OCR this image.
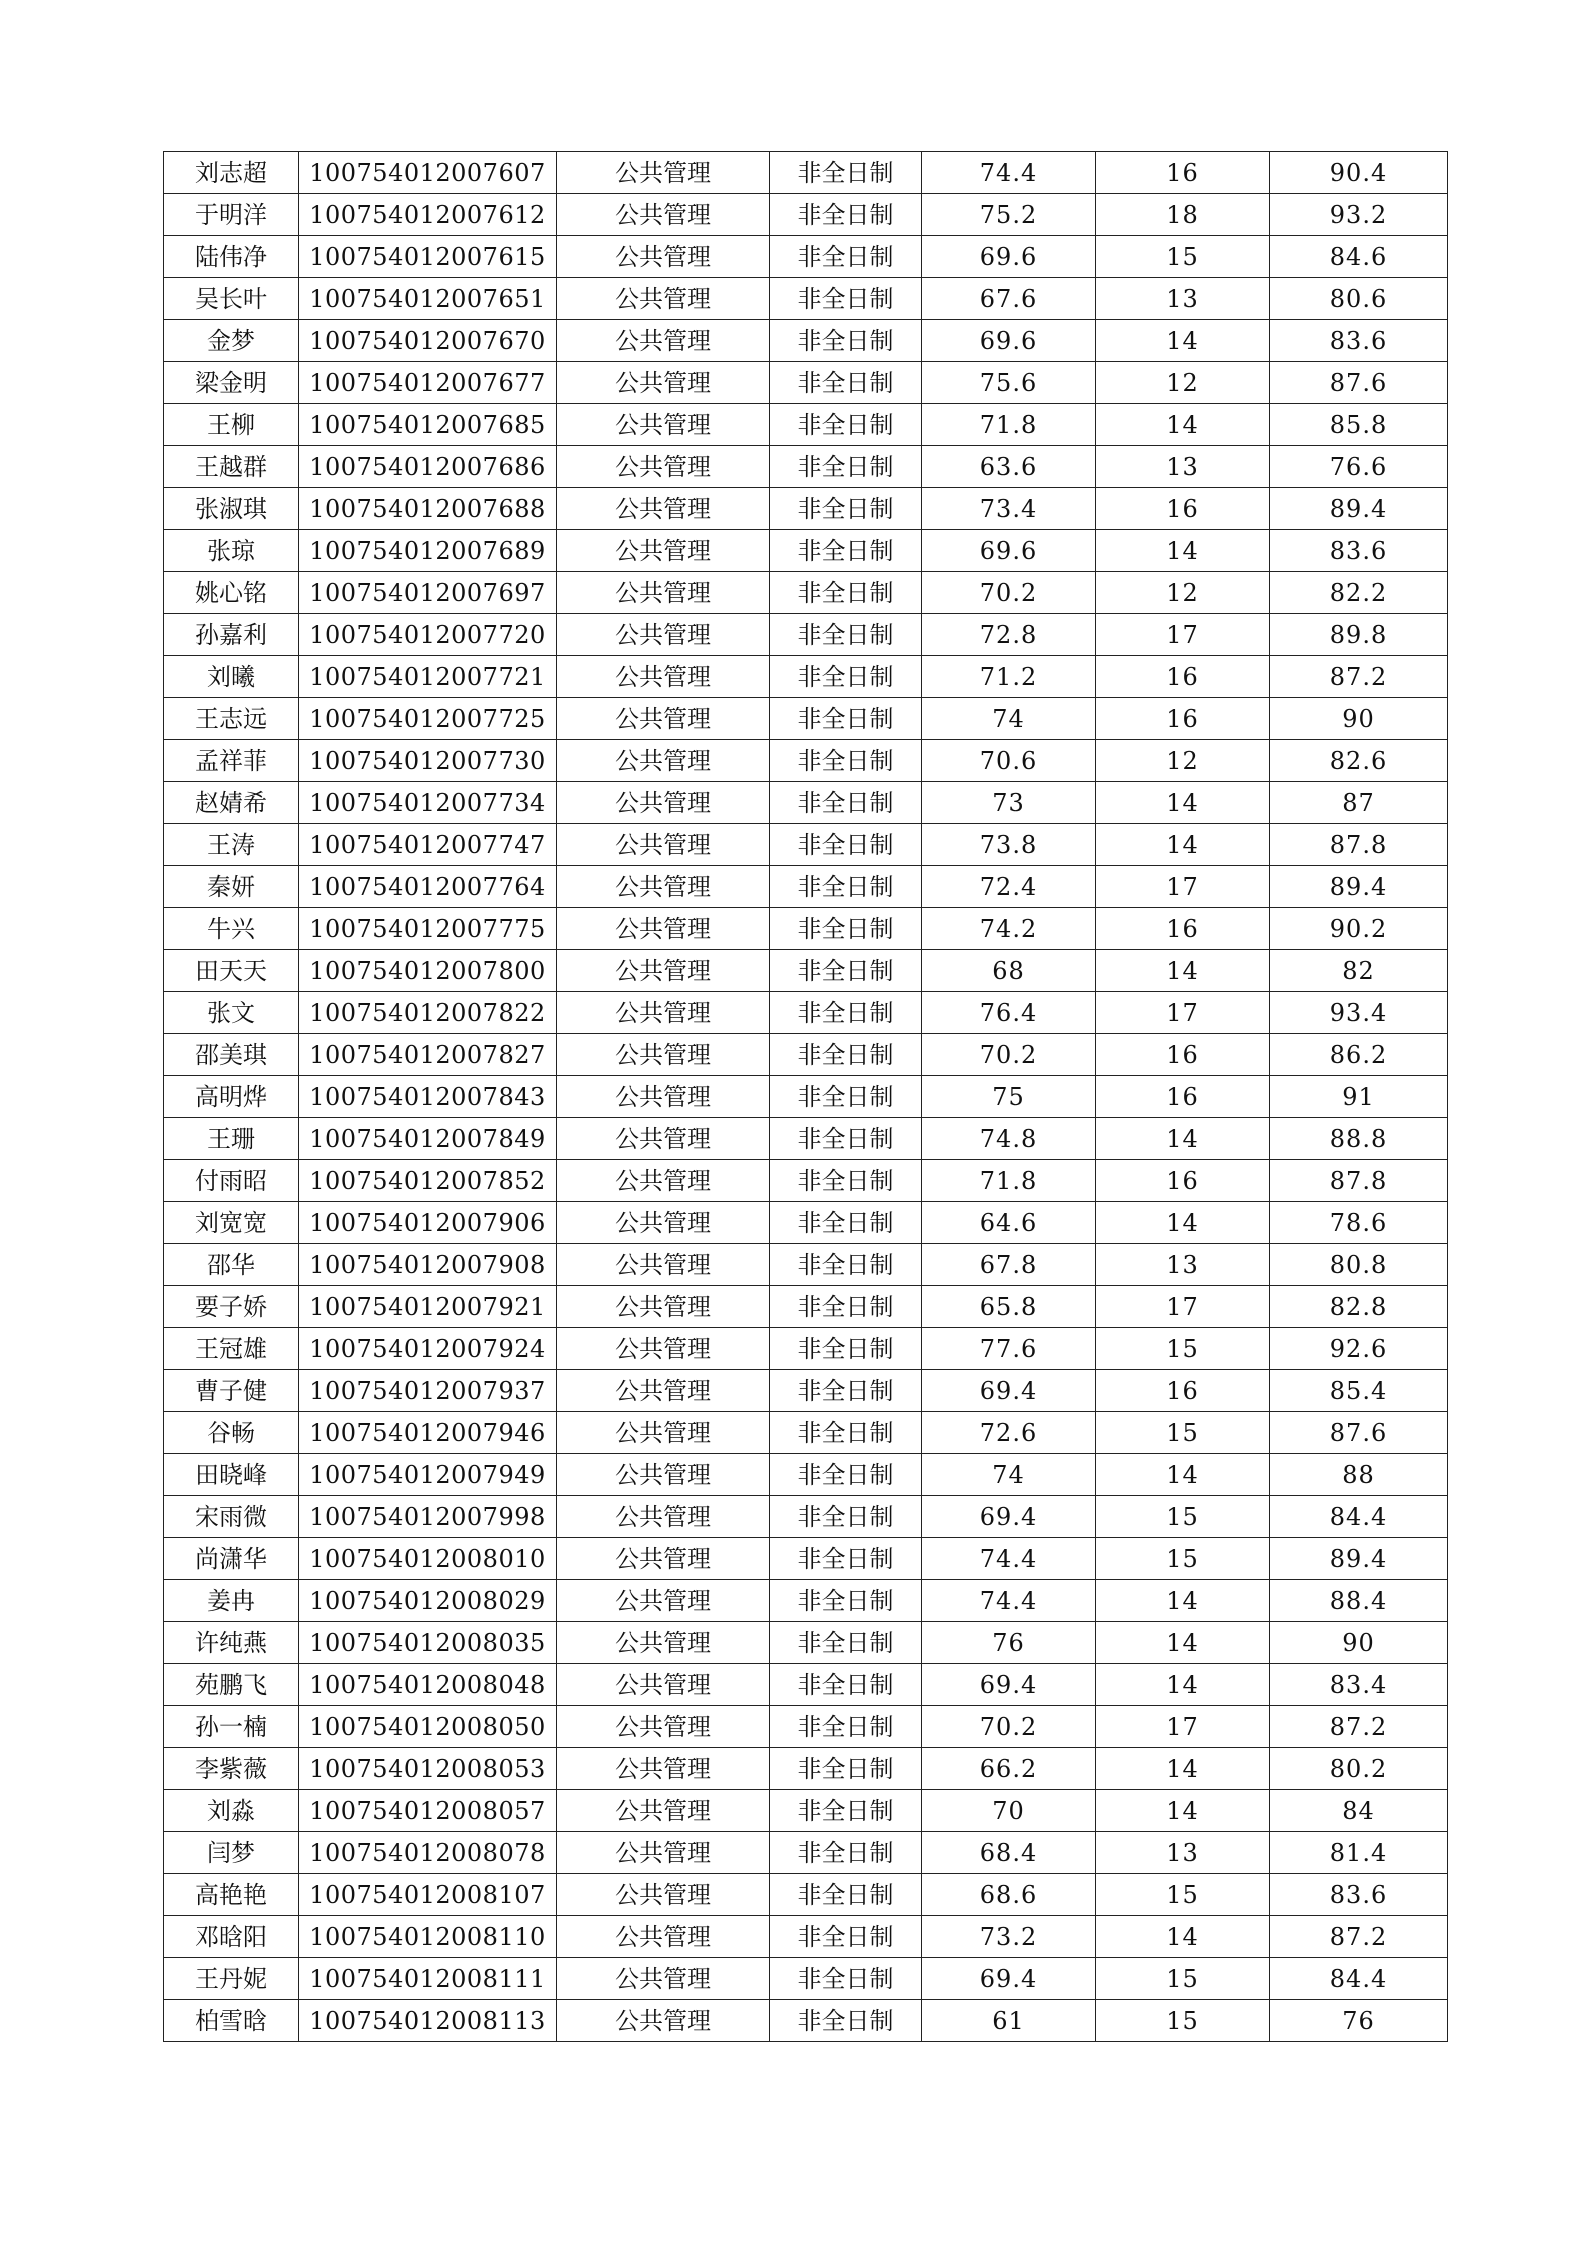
刘志超	100754012007607	公共管理	非全日制	74.4	16	90.4
于明洋	100754012007612	公共管理	非全日制	75.2	18	93.2
陆伟净	100754012007615	公共管理	非全日制	69.6	15	84.6
吴长叶	100754012007651	公共管理	非全日制	67.6	13	80.6
金梦	100754012007670	公共管理	非全日制	69.6	14	83.6
梁金明	100754012007677	公共管理	非全日制	75.6	12	87.6
王柳	100754012007685	公共管理	非全日制	71.8	14	85.8
王越群	100754012007686	公共管理	非全日制	63.6	13	76.6
张淑琪	100754012007688	公共管理	非全日制	73.4	16	89.4
张琼	100754012007689	公共管理	非全日制	69.6	14	83.6
姚心铭	100754012007697	公共管理	非全日制	70.2	12	82.2
孙嘉利	100754012007720	公共管理	非全日制	72.8	17	89.8
刘曦	100754012007721	公共管理	非全日制	71.2	16	87.2
王志远	100754012007725	公共管理	非全日制	74	16	90
孟祥菲	100754012007730	公共管理	非全日制	70.6	12	82.6
赵婧希	100754012007734	公共管理	非全日制	73	14	87
王涛	100754012007747	公共管理	非全日制	73.8	14	87.8
秦妍	100754012007764	公共管理	非全日制	72.4	17	89.4
牛兴	100754012007775	公共管理	非全日制	74.2	16	90.2
田天天	100754012007800	公共管理	非全日制	68	14	82
张文	100754012007822	公共管理	非全日制	76.4	17	93.4
邵美琪	100754012007827	公共管理	非全日制	70.2	16	86.2
高明烨	100754012007843	公共管理	非全日制	75	16	91
王珊	100754012007849	公共管理	非全日制	74.8	14	88.8
付雨昭	100754012007852	公共管理	非全日制	71.8	16	87.8
刘宽宽	100754012007906	公共管理	非全日制	64.6	14	78.6
邵华	100754012007908	公共管理	非全日制	67.8	13	80.8
要子娇	100754012007921	公共管理	非全日制	65.8	17	82.8
王冠雄	100754012007924	公共管理	非全日制	77.6	15	92.6
曹子健	100754012007937	公共管理	非全日制	69.4	16	85.4
谷畅	100754012007946	公共管理	非全日制	72.6	15	87.6
田晓峰	100754012007949	公共管理	非全日制	74	14	88
宋雨微	100754012007998	公共管理	非全日制	69.4	15	84.4
尚潇华	100754012008010	公共管理	非全日制	74.4	15	89.4
姜冉	100754012008029	公共管理	非全日制	74.4	14	88.4
许纯燕	100754012008035	公共管理	非全日制	76	14	90
苑鹏飞	100754012008048	公共管理	非全日制	69.4	14	83.4
孙一楠	100754012008050	公共管理	非全日制	70.2	17	87.2
李紫薇	100754012008053	公共管理	非全日制	66.2	14	80.2
刘淼	100754012008057	公共管理	非全日制	70	14	84
闫梦	100754012008078	公共管理	非全日制	68.4	13	81.4
高艳艳	100754012008107	公共管理	非全日制	68.6	15	83.6
邓晗阳	100754012008110	公共管理	非全日制	73.2	14	87.2
王丹妮	100754012008111	公共管理	非全日制	69.4	15	84.4
柏雪晗	100754012008113	公共管理	非全日制	61	15	76
